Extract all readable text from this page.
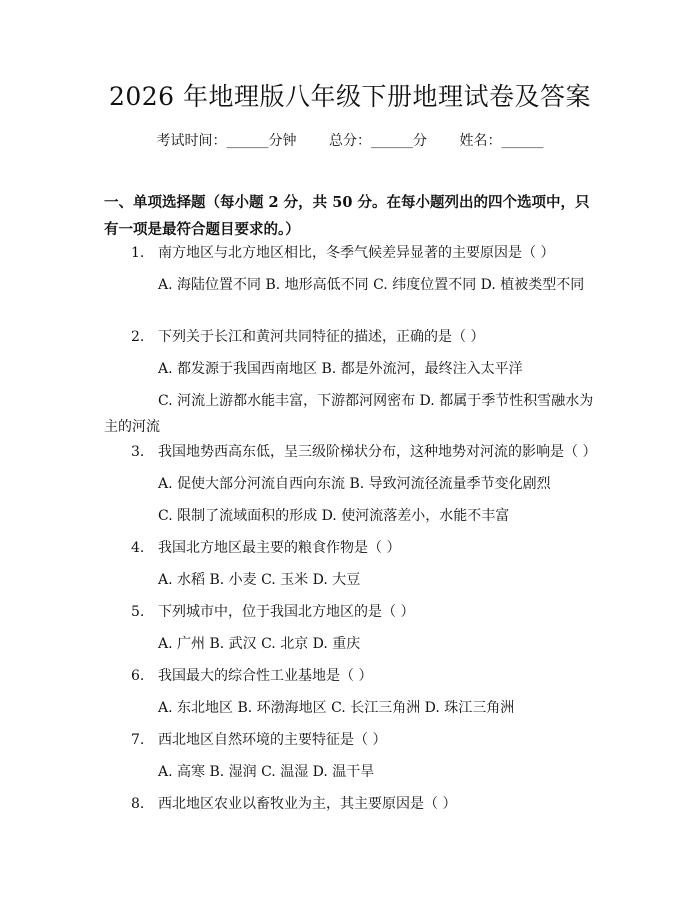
2026 年地理版八年级下册地理试卷及答案
考试时间：______分钟 总分：______分 姓名：______
一、单项选择题（每小题 2 分，共 50 分。在每小题列出的四个选项中，只有一项是最符合题目要求的。）
1. 南方地区与北方地区相比，冬季气候差异显著的主要原因是（ ）
A. 海陆位置不同 B. 地形高低不同 C. 纬度位置不同 D. 植被类型不同
2. 下列关于长江和黄河共同特征的描述，正确的是（ ）
A. 都发源于我国西南地区 B. 都是外流河，最终注入太平洋
C. 河流上游都水能丰富，下游都河网密布 D. 都属于季节性积雪融水为主的河流
3. 我国地势西高东低，呈三级阶梯状分布，这种地势对河流的影响是（ ）
A. 促使大部分河流自西向东流 B. 导致河流径流量季节变化剧烈
C. 限制了流域面积的形成 D. 使河流落差小，水能不丰富
4. 我国北方地区最主要的粮食作物是（ ）
A. 水稻 B. 小麦 C. 玉米 D. 大豆
5. 下列城市中，位于我国北方地区的是（ ）
A. 广州 B. 武汉 C. 北京 D. 重庆
6. 我国最大的综合性工业基地是（ ）
A. 东北地区 B. 环渤海地区 C. 长江三角洲 D. 珠江三角洲
7. 西北地区自然环境的主要特征是（ ）
A. 高寒 B. 湿润 C. 温湿 D. 温干旱
8. 西北地区农业以畜牧业为主，其主要原因是（ ）
